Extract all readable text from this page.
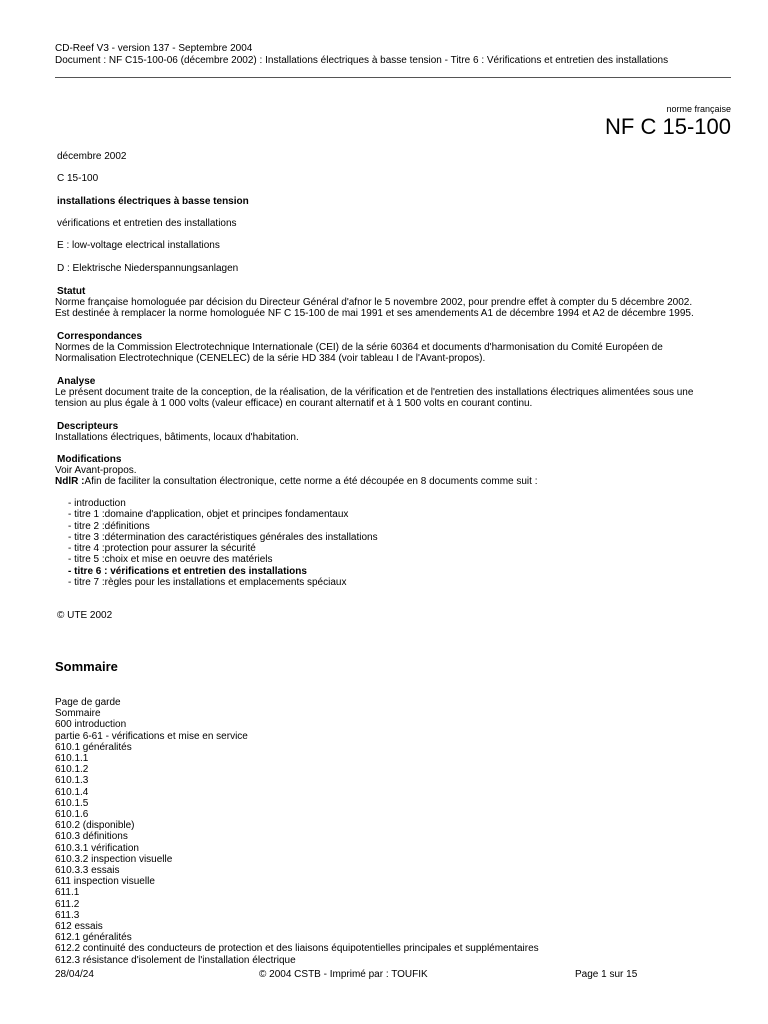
CD-Reef V3 - version 137 - Septembre 2004
Document : NF C15-100-06 (décembre 2002) : Installations électriques à basse tension - Titre 6 : Vérifications et entretien des installations
norme française
NF C 15-100
décembre 2002
C 15-100
installations électriques à basse tension
vérifications et entretien des installations
E : low-voltage electrical installations
D : Elektrische Niederspannungsanlagen
Statut
Norme française homologuée par décision du Directeur Général d'afnor le 5 novembre 2002, pour prendre effet à compter du 5 décembre 2002.
Est destinée à remplacer la norme homologuée NF C 15-100 de mai 1991 et ses amendements A1 de décembre 1994 et A2 de décembre 1995.
Correspondances
Normes de la Commission Electrotechnique Internationale (CEI) de la série 60364 et documents d'harmonisation du Comité Européen de
Normalisation Electrotechnique (CENELEC) de la série HD 384 (voir tableau I de l'Avant-propos).
Analyse
Le présent document traite de la conception, de la réalisation, de la vérification et de l'entretien des installations électriques alimentées sous une
tension au plus égale à 1 000 volts (valeur efficace) en courant alternatif et à 1 500 volts en courant continu.
Descripteurs
Installations électriques, bâtiments, locaux d'habitation.
Modifications
Voir Avant-propos.
NdlR :Afin de faciliter la consultation électronique, cette norme a été découpée en 8 documents comme suit :
- introduction
- titre 1 :domaine d'application, objet et principes fondamentaux
- titre 2 :définitions
- titre 3 :détermination des caractéristiques générales des installations
- titre 4 :protection pour assurer la sécurité
- titre 5 :choix et mise en oeuvre des matériels
- titre 6 : vérifications et entretien des installations
- titre 7 :règles pour les installations et emplacements spéciaux
© UTE 2002
Sommaire
Page de garde
Sommaire
600 introduction
partie 6-61 - vérifications et mise en service
610.1 généralités
610.1.1
610.1.2
610.1.3
610.1.4
610.1.5
610.1.6
610.2 (disponible)
610.3 définitions
610.3.1 vérification
610.3.2 inspection visuelle
610.3.3 essais
611 inspection visuelle
611.1
611.2
611.3
612 essais
612.1 généralités
612.2 continuité des conducteurs de protection et des liaisons équipotentielles principales et supplémentaires
612.3 résistance d'isolement de l'installation électrique
28/04/24	© 2004 CSTB - Imprimé par : TOUFIK	Page 1 sur 15
